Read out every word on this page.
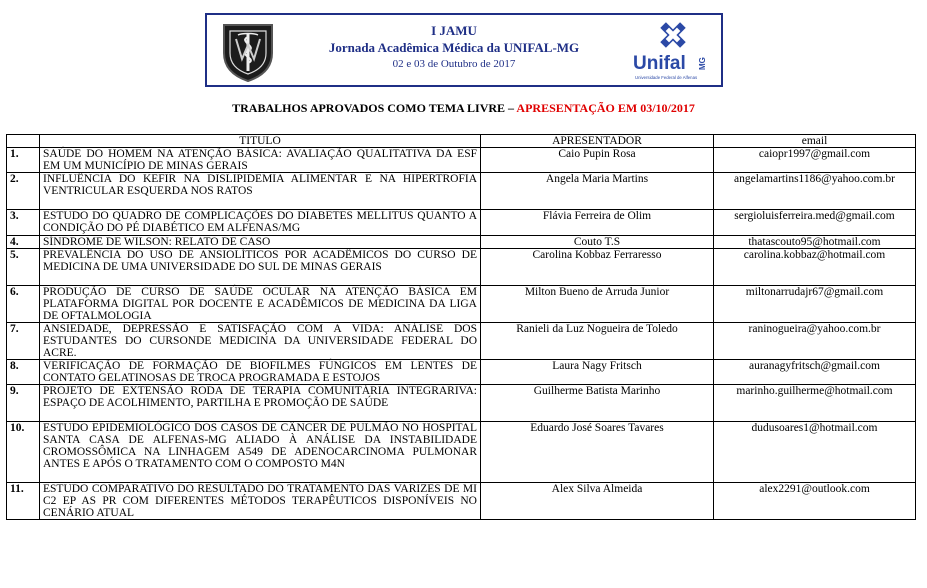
I JAMU
Jornada Acadêmica Médica da UNIFAL-MG
02 e 03 de Outubro de 2017	Unifal MG
Universidade Federal de Alfenas
TRABALHOS APROVADOS COMO TEMA LIVRE – APRESENTAÇÃO EM 03/10/2017
	TITULO	APRESENTADOR	email
1.	SAÚDE DO HOMEM NA ATENÇÃO BÁSICA: AVALIAÇÃO QUALITATIVA DA ESF EM UM MUNICÍPIO DE MINAS GERAIS	Caio Pupin Rosa	caiopr1997@gmail.com
2.	INFLUÊNCIA DO KEFIR NA DISLIPIDEMIA ALIMENTAR E NA HIPERTROFIA VENTRICULAR ESQUERDA NOS RATOS	Angela Maria Martins	angelamartins1186@yahoo.com.br
3.	ESTUDO DO QUADRO DE COMPLICAÇÕES DO DIABETES MELLITUS QUANTO A CONDIÇÃO DO PÉ DIABÉTICO EM ALFENAS/MG	Flávia Ferreira de Olim	sergioluisferreira.med@gmail.com
4.	SÍNDROME DE WILSON: RELATO DE CASO	Couto T.S	thatascouto95@hotmail.com
5.	PREVALÊNCIA DO USO DE ANSIOLÍTICOS POR ACADÊMICOS DO CURSO DE MEDICINA DE UMA UNIVERSIDADE DO SUL DE MINAS GERAIS	Carolina Kobbaz Ferraresso	carolina.kobbaz@hotmail.com
6.	PRODUÇÃO DE CURSO DE SAÚDE OCULAR NA ATENÇÃO BÁSICA EM PLATAFORMA DIGITAL POR DOCENTE E ACADÊMICOS DE MEDICINA DA LIGA DE OFTALMOLOGIA	Milton Bueno de Arruda Junior	miltonarrudajr67@gmail.com
7.	ANSIEDADE, DEPRESSÃO E SATISFAÇÃO COM A VIDA: ANÁLISE DOS ESTUDANTES DO CURSONDE MEDICINA DA UNIVERSIDADE FEDERAL DO ACRE.	Ranieli da Luz Nogueira de Toledo	raninogueira@yahoo.com.br
8.	VERIFICAÇÃO DE FORMAÇÃO DE BIOFILMES FÚNGICOS EM LENTES DE CONTATO GELATINOSAS DE TROCA PROGRAMADA E ESTOJOS	Laura Nagy Fritsch	auranagyfritsch@gmail.com
9.	PROJETO DE EXTENSÃO RODA DE TERAPIA COMUNITÁRIA INTEGRARIVA: ESPAÇO DE ACOLHIMENTO, PARTILHA E PROMOÇÃO DE SAÚDE	Guilherme Batista Marinho	marinho.guilherme@hotmail.com
10.	ESTUDO EPIDEMIOLÓGICO DOS CASOS DE CÂNCER DE PULMÃO NO HOSPITAL SANTA CASA DE ALFENAS-MG ALIADO À ANÁLISE DA INSTABILIDADE CROMOSSÔMICA NA LINHAGEM A549 DE ADENOCARCINOMA PULMONAR ANTES E APÓS O TRATAMENTO COM O COMPOSTO M4N	Eduardo José Soares Tavares	dudusoares1@hotmail.com
11.	ESTUDO COMPARATIVO DO RESULTADO DO TRATAMENTO DAS VARIZES DE MI C2 EP AS PR COM DIFERENTES MÉTODOS TERAPÊUTICOS DISPONÍVEIS NO CENÁRIO ATUAL	Alex Silva Almeida	alex2291@outlook.com
